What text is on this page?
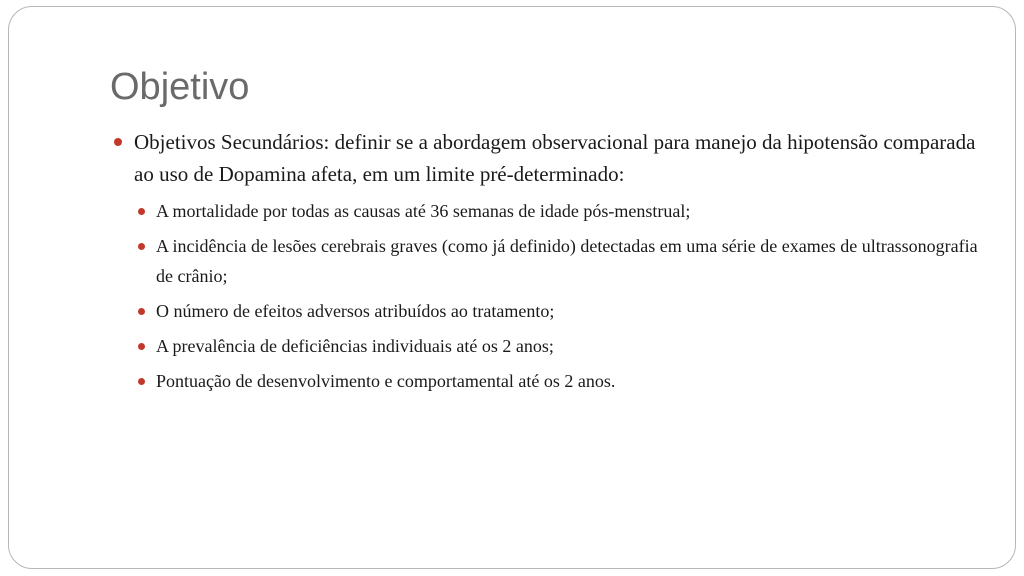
Objetivo
Objetivos Secundários: definir se a abordagem observacional para manejo da hipotensão comparada ao uso de Dopamina afeta, em um limite pré-determinado:
A mortalidade por todas as causas até 36 semanas de idade pós-menstrual;
A incidência de lesões cerebrais graves (como já definido) detectadas em uma série de exames de ultrassonografia de crânio;
O número de efeitos adversos atribuídos ao tratamento;
A prevalência de deficiências individuais até os 2 anos;
Pontuação de desenvolvimento e comportamental até os 2 anos.
